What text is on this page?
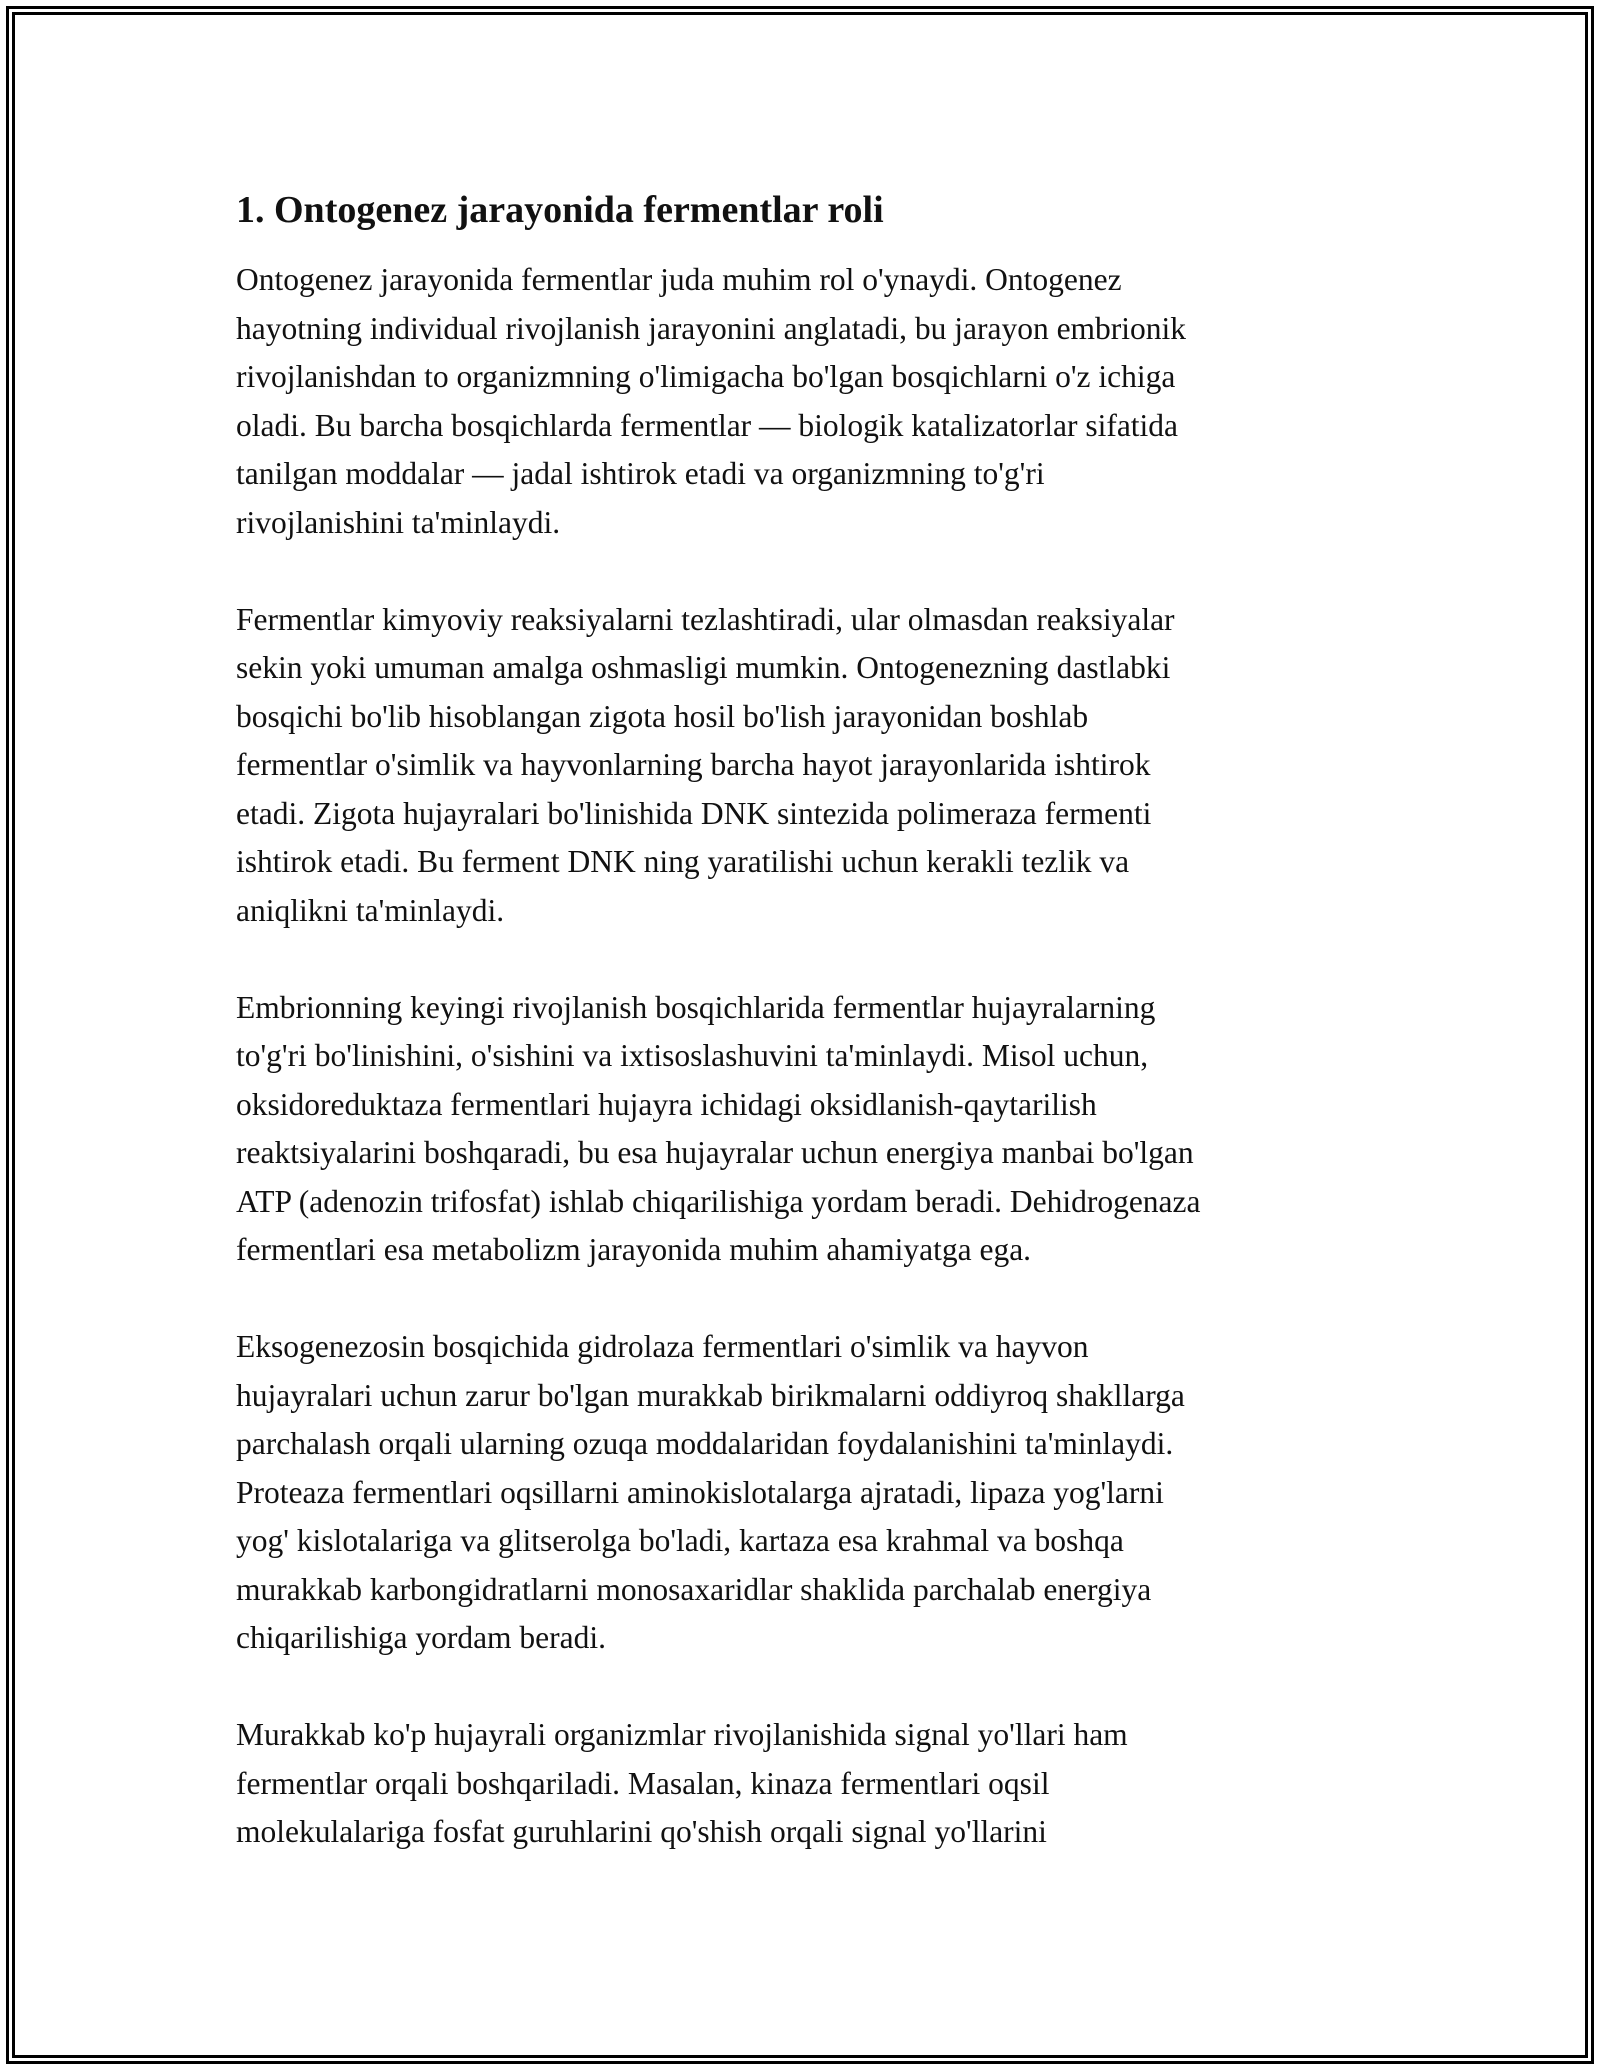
1. Ontogenez jarayonida fermentlar roli

Ontogenez jarayonida fermentlar juda muhim rol o'ynaydi. Ontogenez
hayotning individual rivojlanish jarayonini anglatadi, bu jarayon embrionik
rivojlanishdan to organizmning o'limigacha bo'lgan bosqichlarni o'z ichiga
oladi. Bu barcha bosqichlarda fermentlar — biologik katalizatorlar sifatida
tanilgan moddalar — jadal ishtirok etadi va organizmning to'g'ri
rivojlanishini ta'minlaydi.

Fermentlar kimyoviy reaksiyalarni tezlashtiradi, ular olmasdan reaksiyalar
sekin yoki umuman amalga oshmasligi mumkin. Ontogenezning dastlabki
bosqichi bo'lib hisoblangan zigota hosil bo'lish jarayonidan boshlab
fermentlar o'simlik va hayvonlarning barcha hayot jarayonlarida ishtirok
etadi. Zigota hujayralari bo'linishida DNK sintezida polimeraza fermenti
ishtirok etadi. Bu ferment DNK ning yaratilishi uchun kerakli tezlik va
aniqlikni ta'minlaydi.

Embrionning keyingi rivojlanish bosqichlarida fermentlar hujayralarning
to'g'ri bo'linishini, o'sishini va ixtisoslashuvini ta'minlaydi. Misol uchun,
oksidoreduktaza fermentlari hujayra ichidagi oksidlanish-qaytarilish
reaktsiyalarini boshqaradi, bu esa hujayralar uchun energiya manbai bo'lgan
ATP (adenozin trifosfat) ishlab chiqarilishiga yordam beradi. Dehidrogenaza
fermentlari esa metabolizm jarayonida muhim ahamiyatga ega.

Eksogenezosin bosqichida gidrolaza fermentlari o'simlik va hayvon
hujayralari uchun zarur bo'lgan murakkab birikmalarni oddiyroq shakllarga
parchalash orqali ularning ozuqa moddalaridan foydalanishini ta'minlaydi.
Proteaza fermentlari oqsillarni aminokislotalarga ajratadi, lipaza yog'larni
yog' kislotalariga va glitserolga bo'ladi, kartaza esa krahmal va boshqa
murakkab karbongidratlarni monosaxaridlar shaklida parchalab energiya
chiqarilishiga yordam beradi.

Murakkab ko'p hujayrali organizmlar rivojlanishida signal yo'llari ham
fermentlar orqali boshqariladi. Masalan, kinaza fermentlari oqsil
molekulalariga fosfat guruhlarini qo'shish orqali signal yo'llarini
